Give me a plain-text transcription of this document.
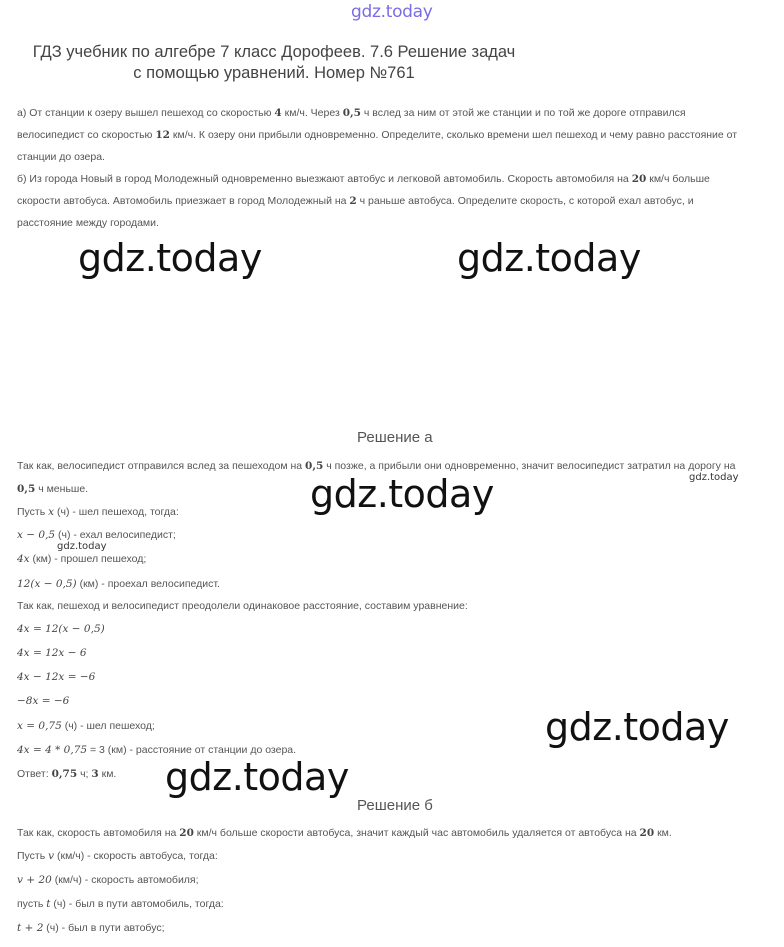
gdz.today
ГДЗ учебник по алгебре 7 класс Дорофеев. 7.6 Решение задач
с помощью уравнений. Номер №761
а) От станции к озеру вышел пешеход со скоростью 4 км/ч. Через 0,5 ч вслед за ним от этой же станции и по той же дороге отправился
велосипедист со скоростью 12 км/ч. К озеру они прибыли одновременно. Определите, сколько времени шел пешеход и чему равно расстояние от
станции до озера.
б) Из города Новый в город Молодежный одновременно выезжают автобус и легковой автомобиль. Скорость автомобиля на 20 км/ч больше
скорости автобуса. Автомобиль приезжает в город Молодежный на 2 ч раньше автобуса. Определите скорость, с которой ехал автобус, и
расстояние между городами.
gdz.today	gdz.today
Решение а
Так как, велосипедист отправился вслед за пешеходом на 0,5 ч позже, а прибыли они одновременно, значит велосипедист затратил на дорогу на
gdz.today
0,5 ч меньше.	gdz.today
Пусть x (ч) - шел пешеход, тогда:
x − 0,5 (ч) - ехал велосипедист;
gdz.today
4x (км) - прошел пешеход;
12(x − 0,5) (км) - проехал велосипедист.
Так как, пешеход и велосипедист преодолели одинаковое расстояние, составим уравнение:
4x = 12(x − 0,5)
4x = 12x − 6
4x − 12x = −6
−8x = −6
x = 0,75 (ч) - шел пешеход;	gdz.today
4x = 4 * 0,75 = 3 (км) - расстояние от станции до озера.
Ответ: 0,75 ч; 3 км. gdz.today
Решение б
Так как, скорость автомобиля на 20 км/ч больше скорости автобуса, значит каждый час автомобиль удаляется от автобуса на 20 км.
Пусть v (км/ч) - скорость автобуса, тогда:
v + 20 (км/ч) - скорость автомобиля;
пусть t (ч) - был в пути автомобиль, тогда:
t + 2 (ч) - был в пути автобус;
